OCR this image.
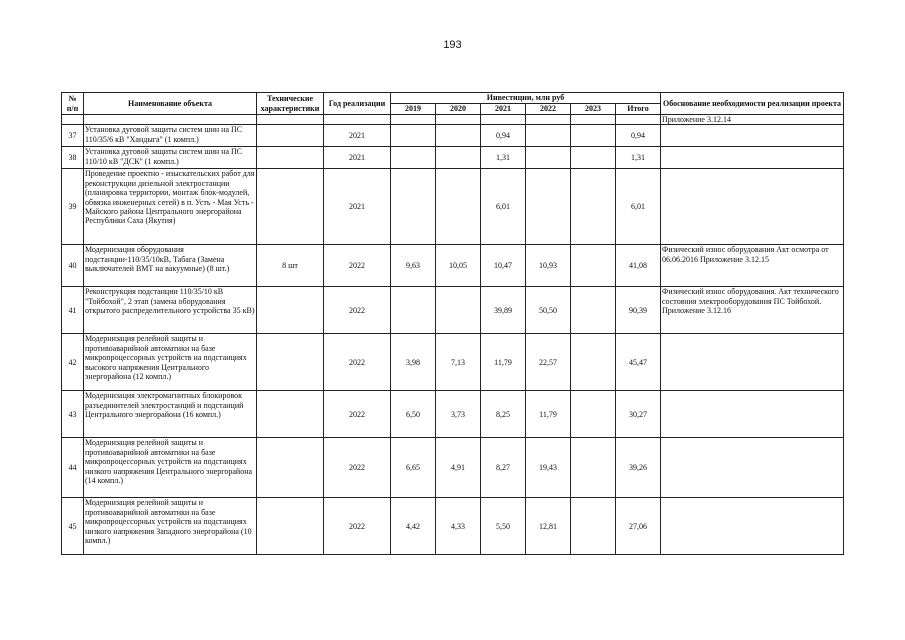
193
№
п/п	Наименование объекта	Технические характеристики	Год реализации	Инвестиции, млн руб						Обоснование необходимости реализации проекта
				2019	2020	2021	2022	2023	Итого	
										Приложение 3.12.14
37	Установка дуговой защиты систем шин на ПС 110/35/6 кВ "Хандыга" (1 компл.)		2021			0,94			0,94	
38	Установка дуговой защиты систем шин на ПС 110/10 кВ "ДСК" (1 компл.)		2021			1,31			1,31	
39	Проведение проектно - изыскательских работ для реконструкции дизельной электростанции (планировка территории, монтаж блок-модулей, обвязка инженерных сетей) в п. Усть - Мая Усть - Майского района Центрального энергорайона Республики Саха (Якутия)		2021			6,01			6,01	
40	Модернизация оборудования подстанции-110/35/10кВ, Табага (Замена выключателей ВМТ на вакуумные) (8 шт.)	8 шт	2022	9,63	10,05	10,47	10,93		41,08	Физический износ оборудования Акт осмотра от 06.06.2016 Приложение 3.12.15
41	Реконструкция подстанции 110/35/10 кВ "Тойбохой", 2 этап (замена оборудования открытого распределительного устройства 35 кВ)		2022			39,89	50,50		90,39	Физический износ оборудования. Акт технического состояния электрооборудования ПС Тойбохой. Приложение 3.12.16
42	Модернизация релейной защиты и противоаварийной автоматики на базе микропроцессорных устройств на подстанциях высокого напряжения Центрального энергорайона (12 компл.)		2022	3,98	7,13	11,79	22,57		45,47	
43	Модернизация электромагнитных блокировок разъединителей электростанций и подстанций Центрального энергорайона (16 компл.)		2022	6,50	3,73	8,25	11,79		30,27	
44	Модернизация релейной защиты и противоаварийной автоматики на базе микропроцессорных устройств на подстанциях низкого напряжения Центрального энергорайона (14 компл.)		2022	6,65	4,91	8,27	19,43		39,26	
45	Модернизация релейной защиты и противоаварийной автоматики на базе микропроцессорных устройств на подстанциях низкого напряжения Западного энергорайона (10 компл.)		2022	4,42	4,33	5,50	12,81		27,06	
